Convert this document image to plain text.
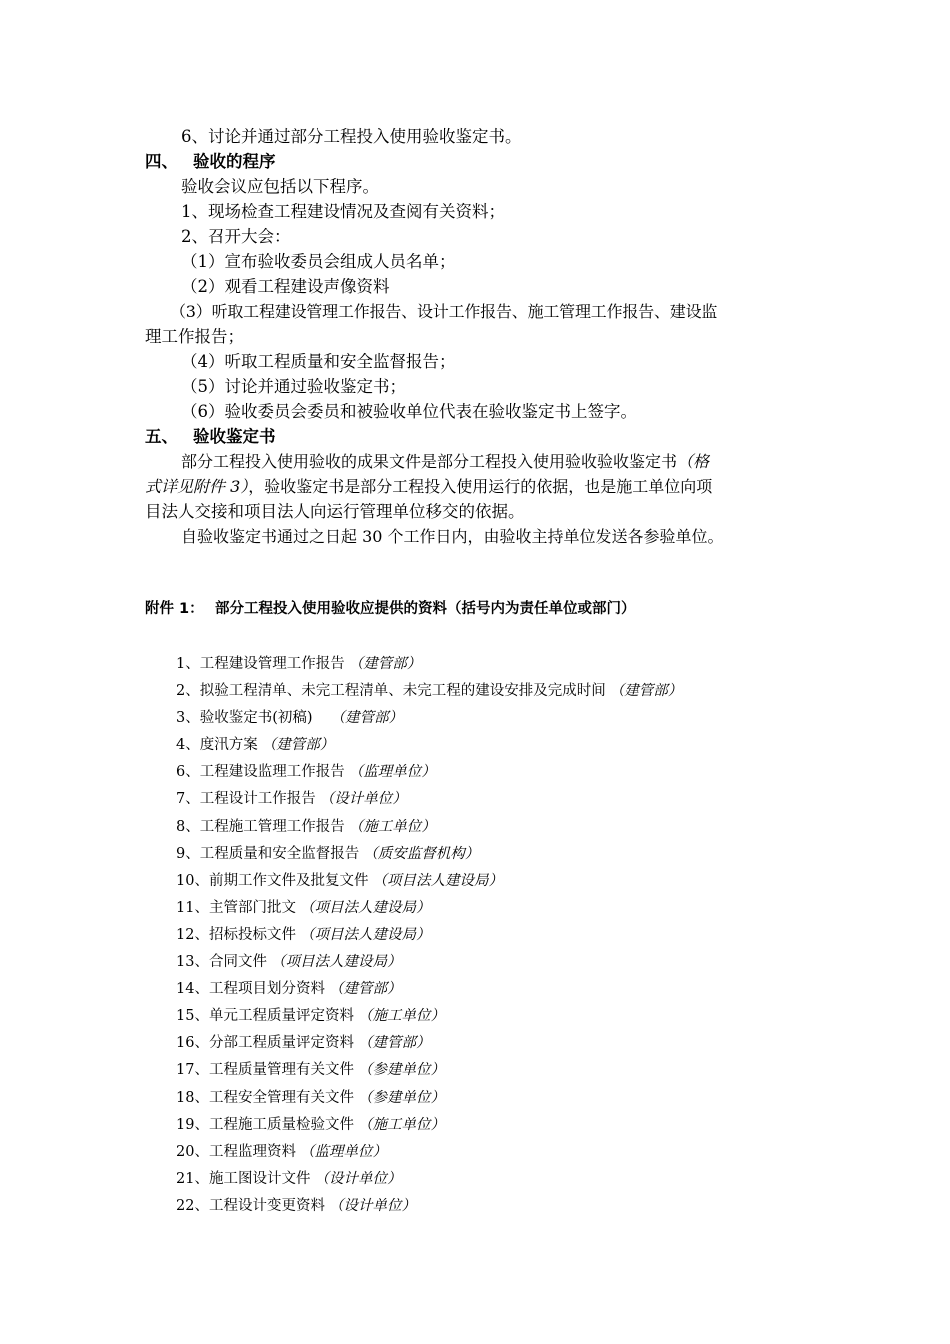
6、讨论并通过部分工程投入使用验收鉴定书。
四、 验收的程序
验收会议应包括以下程序。
1、现场检查工程建设情况及查阅有关资料；
2、召开大会：
（1）宣布验收委员会组成人员名单；
（2）观看工程建设声像资料
（3）听取工程建设管理工作报告、设计工作报告、施工管理工作报告、建设监
理工作报告；
（4）听取工程质量和安全监督报告；
（5）讨论并通过验收鉴定书；
（6）验收委员会委员和被验收单位代表在验收鉴定书上签字。
五、 验收鉴定书
部分工程投入使用验收的成果文件是部分工程投入使用验收验收鉴定书（格
式详见附件 3），验收鉴定书是部分工程投入使用运行的依据，也是施工单位向项
目法人交接和项目法人向运行管理单位移交的依据。
自验收鉴定书通过之日起 30 个工作日内，由验收主持单位发送各参验单位。
附件 1： 部分工程投入使用验收应提供的资料（括号内为责任单位或部门）
1、工程建设管理工作报告 （建管部）
2、拟验工程清单、未完工程清单、未完工程的建设安排及完成时间 （建管部）
3、验收鉴定书(初稿) （建管部）
4、度汛方案 （建管部）
6、工程建设监理工作报告 （监理单位）
7、工程设计工作报告 （设计单位）
8、工程施工管理工作报告 （施工单位）
9、工程质量和安全监督报告 （质安监督机构）
10、前期工作文件及批复文件 （项目法人建设局）
11、主管部门批文 （项目法人建设局）
12、招标投标文件 （项目法人建设局）
13、合同文件 （项目法人建设局）
14、工程项目划分资料 （建管部）
15、单元工程质量评定资料 （施工单位）
16、分部工程质量评定资料 （建管部）
17、工程质量管理有关文件 （参建单位）
18、工程安全管理有关文件 （参建单位）
19、工程施工质量检验文件 （施工单位）
20、工程监理资料 （监理单位）
21、施工图设计文件 （设计单位）
22、工程设计变更资料 （设计单位）
